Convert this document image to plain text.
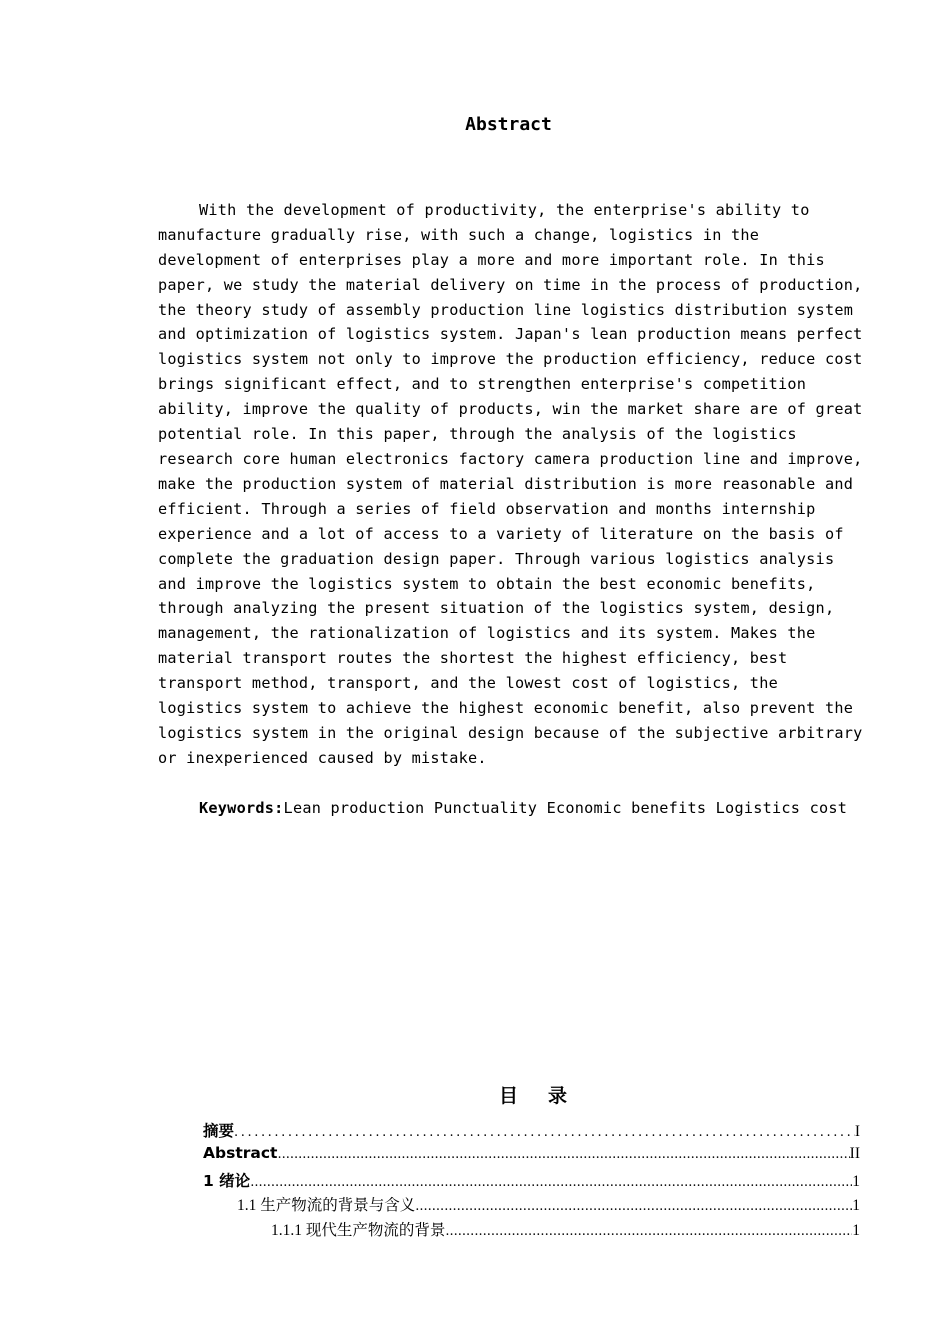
Abstract

With the development of productivity, the enterprise's ability to manufacture gradually rise, with such a change, logistics in the development of enterprises play a more and more important role. In this paper, we study the material delivery on time in the process of production, the theory study of assembly production line logistics distribution system and optimization of logistics system. Japan's lean production means perfect logistics system not only to improve the production efficiency, reduce cost brings significant effect, and to strengthen enterprise's competition ability, improve the quality of products, win the market share are of great potential role. In this paper, through the analysis of the logistics research core human electronics factory camera production line and improve, make the production system of material distribution is more reasonable and efficient. Through a series of field observation and months internship experience and a lot of access to a variety of literature on the basis of complete the graduation design paper. Through various logistics analysis and improve the logistics system to obtain the best economic benefits, through analyzing the present situation of the logistics system, design, management, the rationalization of logistics and its system. Makes the material transport routes the shortest the highest efficiency, best transport method, transport, and the lowest cost of logistics, the logistics system to achieve the highest economic benefit, also prevent the logistics system in the original design because of the subjective arbitrary or inexperienced caused by mistake.

Keywords:Lean production Punctuality Economic benefits Logistics cost

目 录
摘要 .....	I
Abstract .....	II
1 绪论 .....	1
1.1 生产物流的背景与含义 .....	1
1.1.1 现代生产物流的背景 .....	1
